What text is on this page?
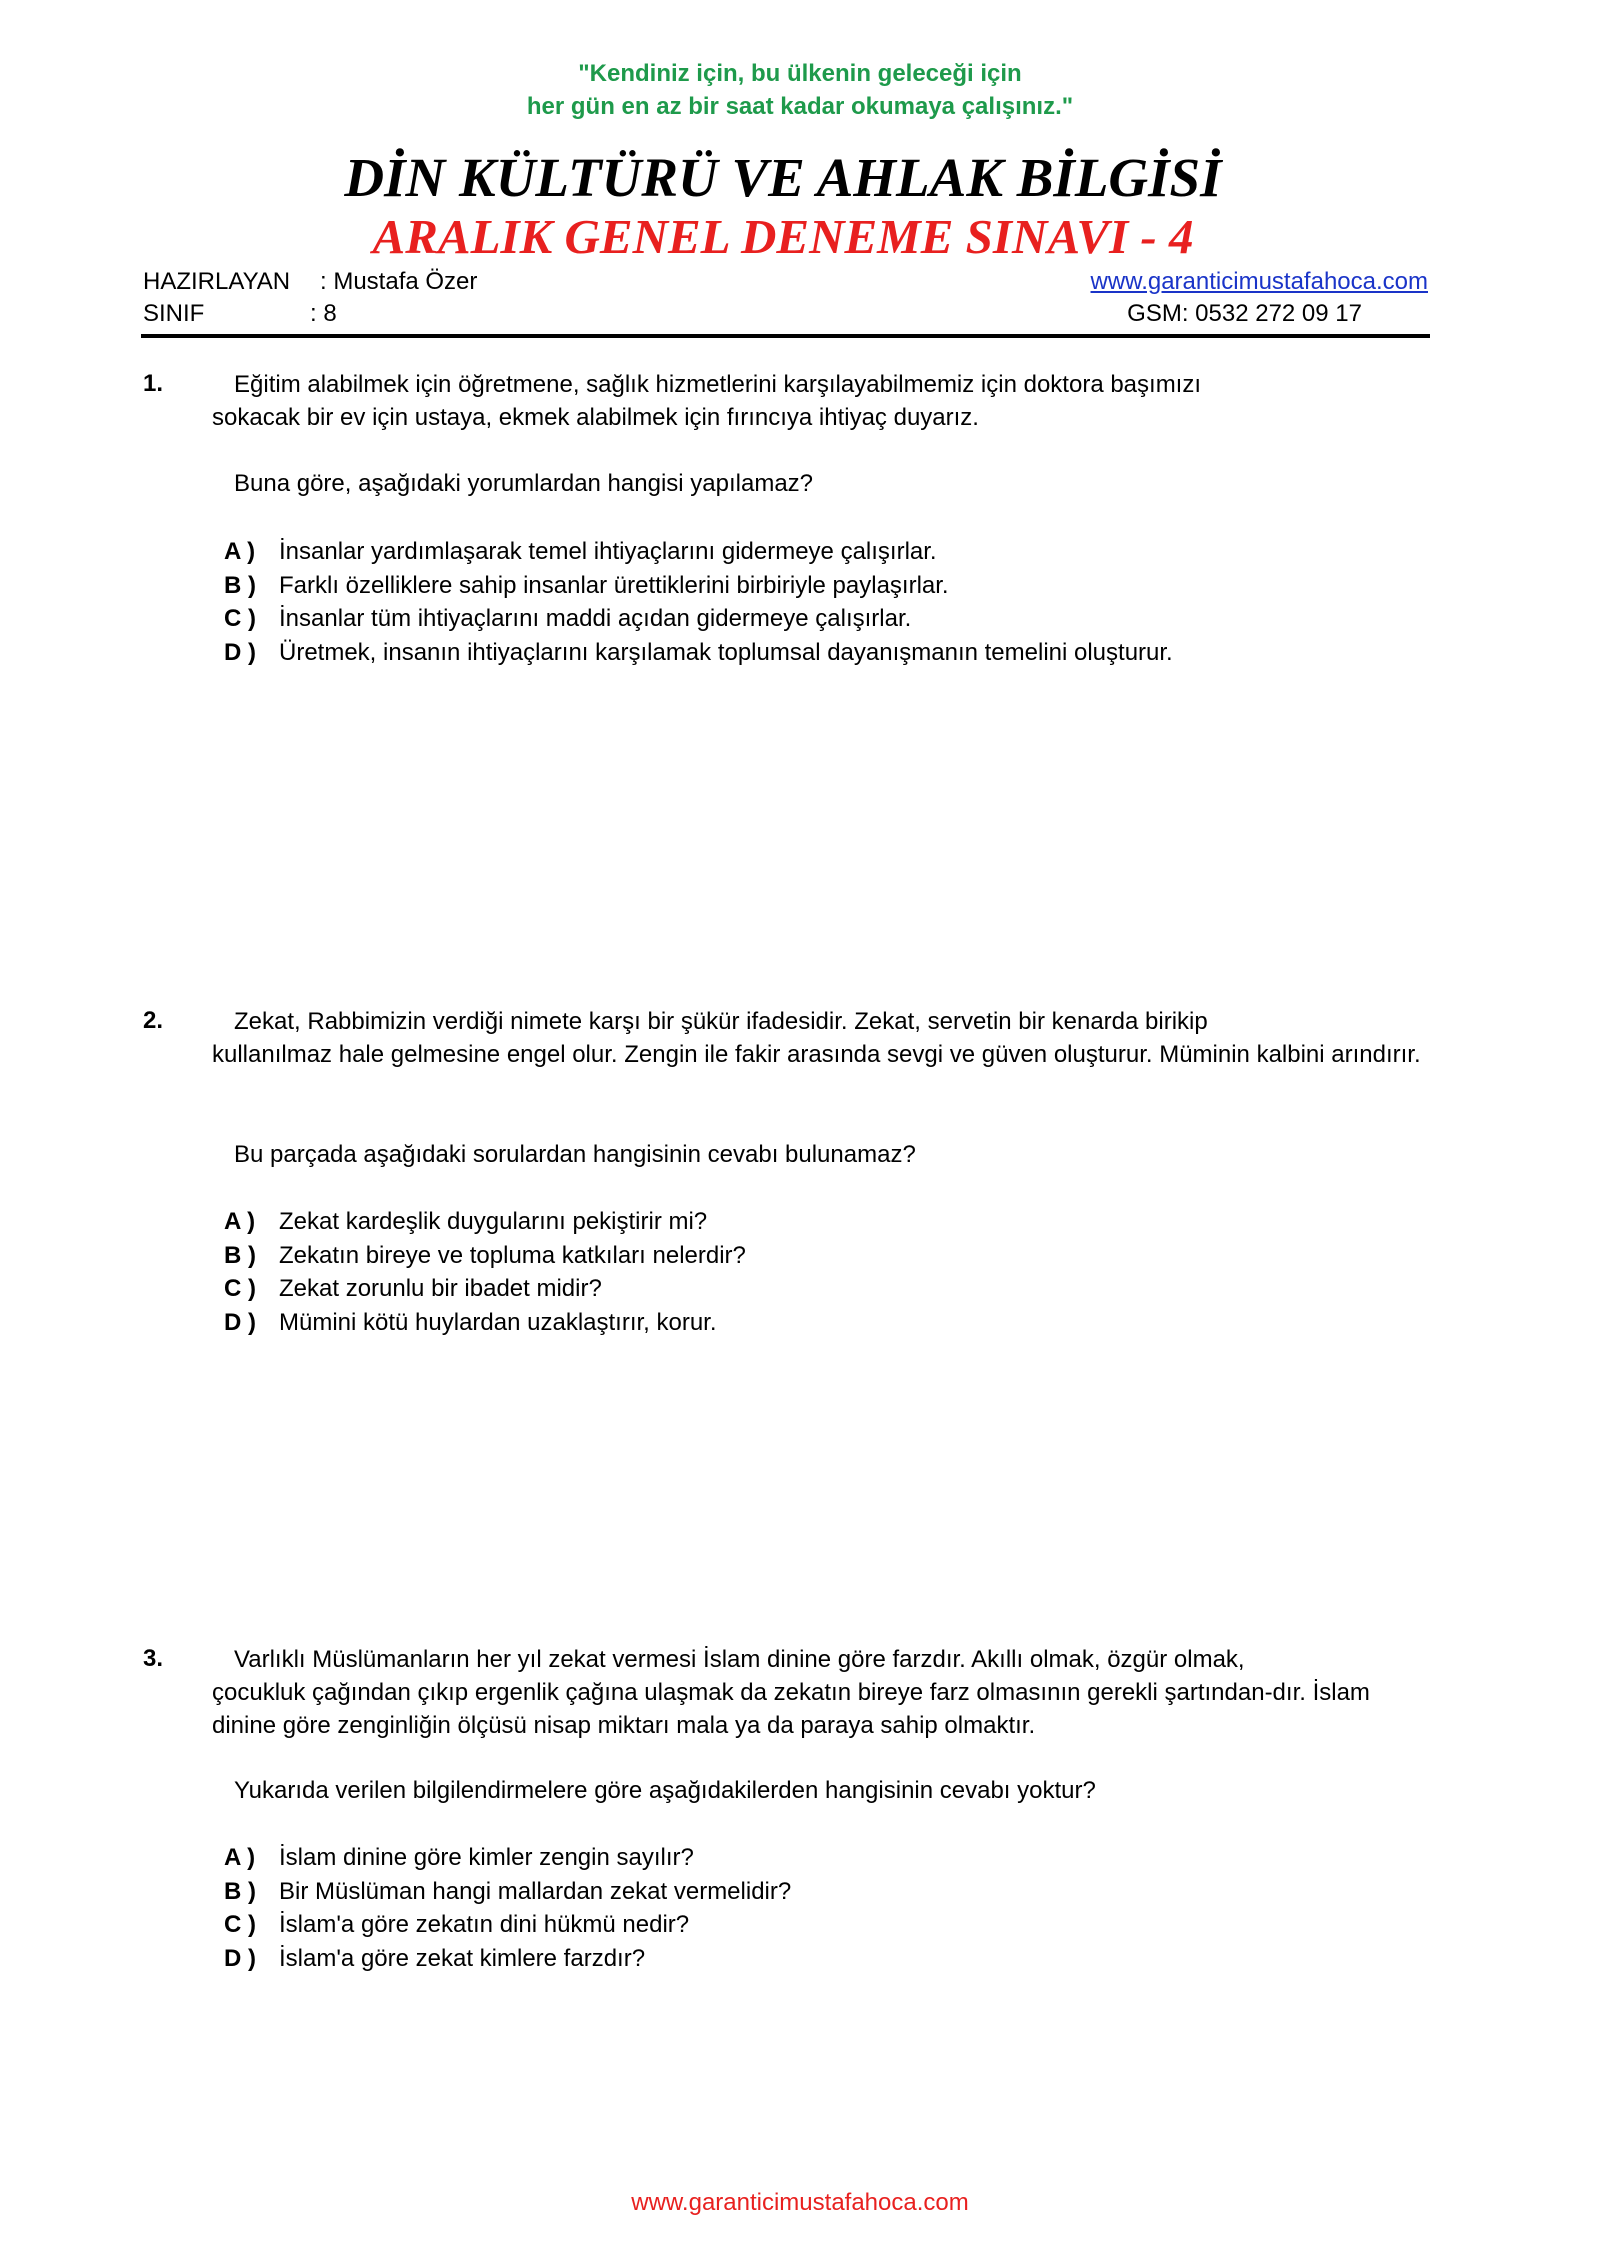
"Kendiniz için, bu ülkenin geleceği için
her gün en az bir saat kadar okumaya çalışınız."
DİN KÜLTÜRÜ VE AHLAK BİLGİSİ
ARALIK GENEL DENEME SINAVI - 4
HAZIRLAYAN : Mustafa Özer
SINIF	: 8
www.garanticimustafahoca.com
GSM: 0532 272 09 17
1.	Eğitim alabilmek için öğretmene, sağlık hizmetlerini karşılayabilmemiz için doktora başımızı
sokacak bir ev için ustaya, ekmek alabilmek için fırıncıya ihtiyaç duyarız.
Buna göre, aşağıdaki yorumlardan hangisi yapılamaz?
A ) İnsanlar yardımlaşarak temel ihtiyaçlarını gidermeye çalışırlar.
B ) Farklı özelliklere sahip insanlar ürettiklerini birbiriyle paylaşırlar.
C ) İnsanlar tüm ihtiyaçlarını maddi açıdan gidermeye çalışırlar.
D ) Üretmek, insanın ihtiyaçlarını karşılamak toplumsal dayanışmanın temelini oluşturur.
2.	Zekat, Rabbimizin verdiği nimete karşı bir şükür ifadesidir. Zekat, servetin bir kenarda birikip
kullanılmaz hale gelmesine engel olur. Zengin ile fakir arasında sevgi ve güven oluşturur. Müminin kalbini arındırır.
Bu parçada aşağıdaki sorulardan hangisinin cevabı bulunamaz?
A ) Zekat kardeşlik duygularını pekiştirir mi?
B ) Zekatın bireye ve topluma katkıları nelerdir?
C ) Zekat zorunlu bir ibadet midir?
D ) Mümini kötü huylardan uzaklaştırır, korur.
3.	Varlıklı Müslümanların her yıl zekat vermesi İslam dinine göre farzdır. Akıllı olmak, özgür olmak,
çocukluk çağından çıkıp ergenlik çağına ulaşmak da zekatın bireye farz olmasının gerekli şartından-dır. İslam dinine göre zenginliğin ölçüsü nisap miktarı mala ya da paraya sahip olmaktır.
Yukarıda verilen bilgilendirmelere göre aşağıdakilerden hangisinin cevabı yoktur?
A ) İslam dinine göre kimler zengin sayılır?
B ) Bir Müslüman hangi mallardan zekat vermelidir?
C ) İslam'a göre zekatın dini hükmü nedir?
D ) İslam'a göre zekat kimlere farzdır?
www.garanticimustafahoca.com
